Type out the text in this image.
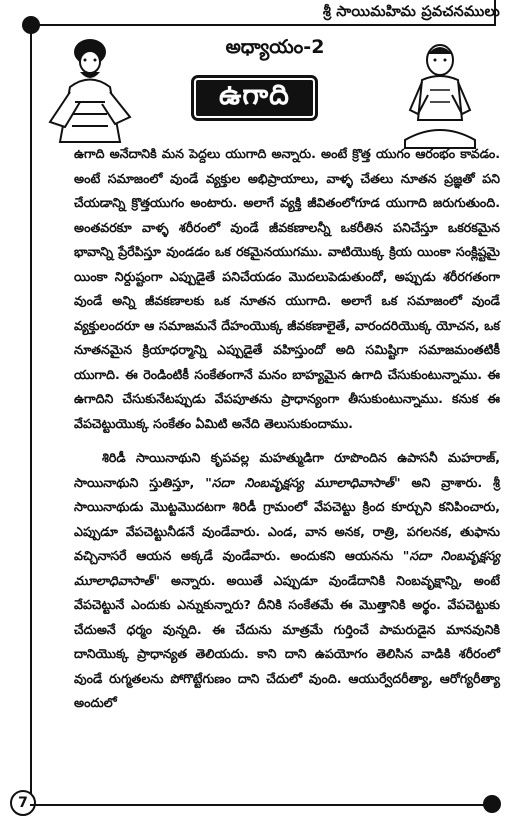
శ్రీ సాయిమహిమ ప్రవచనములు
అధ్యాయం-2
ఉగాది

ఉగాది అనేదానికి మన పెద్దలు యుగాది అన్నారు. అంటే క్రొత్త యుగం ఆరంభం కావడం. అంటే సమాజంలో వుండే వ్యక్తుల అభిప్రాయాలు, వాళ్ళ చేతలు నూతన ప్రజ్ఞతో పని చేయడాన్ని క్రొత్తయుగం అంటారు. అలాగే వ్యక్తి జీవితంలోగూడ యుగాది జరుగుతుంది. అంతవరకూ వాళ్ళ శరీరంలో వుండే జీవకణాలన్నీ ఒకరీతిన పనిచేస్తూ ఒకరకమైన భావాన్ని ప్రేరేపిస్తూ వుండడం ఒక రకమైనయుగము. వాటియొక్క క్రియ యింకా సంక్లిష్టమై యింకా నిర్దుష్టంగా ఎప్పుడైతే పనిచేయడం మొదలుపెడుతుందో, అప్పుడు శరీరగతంగా వుండే అన్ని జీవకణాలకు ఒక నూతన యుగాది. అలాగే ఒక సమాజంలో వుండే వ్యక్తులందరూ ఆ సమాజమనే దేహంయొక్క జీవకణాలైతే, వారందరియొక్క యోచన, ఒక నూతనమైన క్రియాధర్మాన్ని ఎప్పుడైతే వహిస్తుందో అది సమిష్టిగా సమాజమంతటికీ యుగాది. ఈ రెండింటికీ సంకేతంగానే మనం బాహ్యమైన ఉగాది చేసుకుంటున్నాము. ఈ ఉగాదిని చేసుకునేటప్పుడు వేపపూతను ప్రాధాన్యంగా తీసుకుంటున్నాము. కనుక ఈ వేపచెట్టుయొక్క సంకేతం ఏమిటి అనేది తెలుసుకుందాము.

శిరిడీ సాయినాథుని కృపవల్ల మహత్ముడిగా రూపొందిన ఉపాసనీ మహరాజ్, సాయినాథుని స్తుతిస్తూ, "సదా నింబవృక్షస్య మూలాధివాసాత్" అని వ్రాశారు. శ్రీ సాయినాథుడు మొట్టమొదటగా శిరిడీ గ్రామంలో వేపచెట్టు క్రింద కూర్చుని కనిపించారు, ఎప్పుడూ వేపచెట్టునీడనే వుండేవారు. ఎండ, వాన అనక, రాత్రి, పగలనక, తుఫాను వచ్చినాసరే ఆయన అక్కడే వుండేవారు. అందుకని ఆయనను "సదా నింబవృక్షస్య మూలాధివాసాత్" అన్నారు. అయితే ఎప్పుడూ వుండేదానికి నింబవృక్షాన్ని, అంటే వేపచెట్టునే ఎందుకు ఎన్నుకున్నారు? దీనికి సంకేతమే ఈ మొత్తానికి అర్థం. వేపచెట్టుకు చేదుఅనే ధర్మం వున్నది. ఈ చేదును మాత్రమే గుర్తించే పామరుడైన మానవునికి దానియొక్క ప్రాధాన్యత తెలియదు. కాని దాని ఉపయోగం తెలిసిన వాడికి శరీరంలో వుండే రుగ్మతలను పోగొట్టేగుణం దాని చేదులో వుంది. ఆయుర్వేదరీత్యా, ఆరోగ్యరీత్యా అందులో

7
